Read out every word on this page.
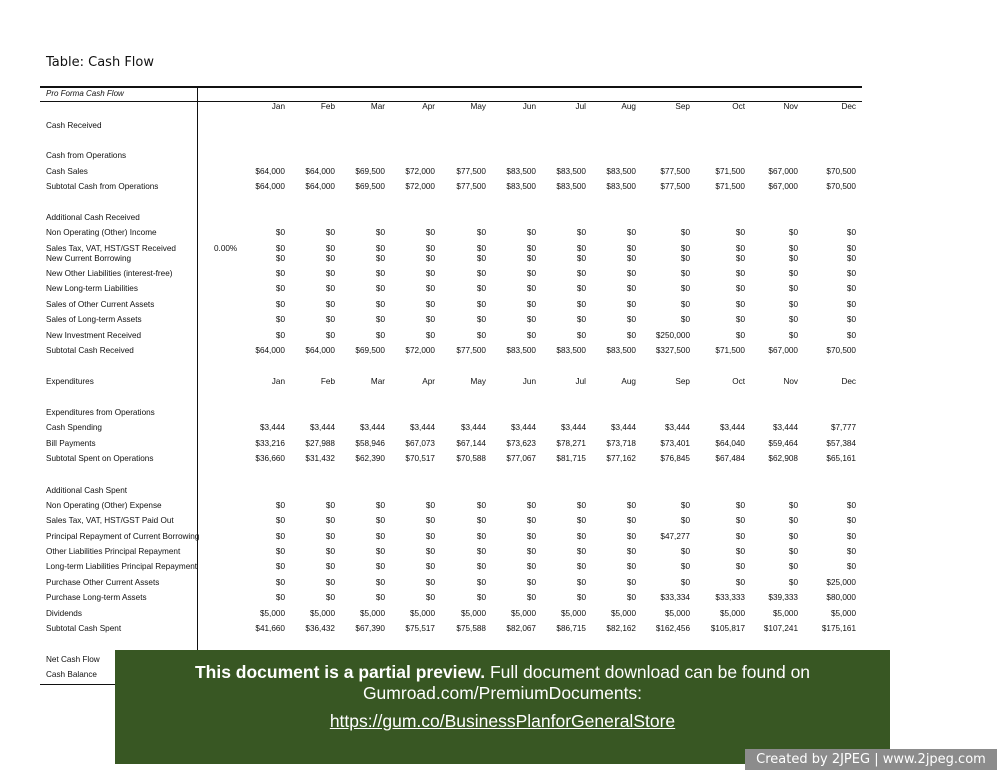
Table: Cash Flow
Pro Forma Cash Flow
Jan	Feb	Mar	Apr	May	Jun	Jul	Aug	Sep	Oct	Nov	Dec
Cash Received
Cash from Operations
Cash Sales	$64,000	$64,000	$69,500	$72,000	$77,500	$83,500	$83,500	$83,500	$77,500	$71,500	$67,000	$70,500
Subtotal Cash from Operations	$64,000	$64,000	$69,500	$72,000	$77,500	$83,500	$83,500	$83,500	$77,500	$71,500	$67,000	$70,500
Additional Cash Received
Non Operating (Other) Income	$0	$0	$0	$0	$0	$0	$0	$0	$0	$0	$0	$0
Sales Tax, VAT, HST/GST Received	0.00%	$0	$0	$0	$0	$0	$0	$0	$0	$0	$0	$0	$0
New Current Borrowing	$0	$0	$0	$0	$0	$0	$0	$0	$0	$0	$0	$0
New Other Liabilities (interest-free)	$0	$0	$0	$0	$0	$0	$0	$0	$0	$0	$0	$0
New Long-term Liabilities	$0	$0	$0	$0	$0	$0	$0	$0	$0	$0	$0	$0
Sales of Other Current Assets	$0	$0	$0	$0	$0	$0	$0	$0	$0	$0	$0	$0
Sales of Long-term Assets	$0	$0	$0	$0	$0	$0	$0	$0	$0	$0	$0	$0
New Investment Received	$0	$0	$0	$0	$0	$0	$0	$0	$250,000	$0	$0	$0
Subtotal Cash Received	$64,000	$64,000	$69,500	$72,000	$77,500	$83,500	$83,500	$83,500	$327,500	$71,500	$67,000	$70,500
Expenditures	Jan	Feb	Mar	Apr	May	Jun	Jul	Aug	Sep	Oct	Nov	Dec
Expenditures from Operations
Cash Spending	$3,444	$3,444	$3,444	$3,444	$3,444	$3,444	$3,444	$3,444	$3,444	$3,444	$3,444	$7,777
Bill Payments	$33,216	$27,988	$58,946	$67,073	$67,144	$73,623	$78,271	$73,718	$73,401	$64,040	$59,464	$57,384
Subtotal Spent on Operations	$36,660	$31,432	$62,390	$70,517	$70,588	$77,067	$81,715	$77,162	$76,845	$67,484	$62,908	$65,161
Additional Cash Spent
Non Operating (Other) Expense	$0	$0	$0	$0	$0	$0	$0	$0	$0	$0	$0	$0
Sales Tax, VAT, HST/GST Paid Out	$0	$0	$0	$0	$0	$0	$0	$0	$0	$0	$0	$0
Principal Repayment of Current Borrowing	$0	$0	$0	$0	$0	$0	$0	$0	$47,277	$0	$0	$0
Other Liabilities Principal Repayment	$0	$0	$0	$0	$0	$0	$0	$0	$0	$0	$0	$0
Long-term Liabilities Principal Repayment	$0	$0	$0	$0	$0	$0	$0	$0	$0	$0	$0	$0
Purchase Other Current Assets	$0	$0	$0	$0	$0	$0	$0	$0	$0	$0	$0	$25,000
Purchase Long-term Assets	$0	$0	$0	$0	$0	$0	$0	$0	$33,334	$33,333	$39,333	$80,000
Dividends	$5,000	$5,000	$5,000	$5,000	$5,000	$5,000	$5,000	$5,000	$5,000	$5,000	$5,000	$5,000
Subtotal Cash Spent	$41,660	$36,432	$67,390	$75,517	$75,588	$82,067	$86,715	$82,162	$162,456	$105,817	$107,241	$175,161
Net Cash Flow
Cash Balance	This document is a partial preview. Full document download can be found on Gumroad.com/PremiumDocuments:
https://gum.co/BusinessPlanforGeneralStore
Created by 2JPEG | www.2jpeg.com
